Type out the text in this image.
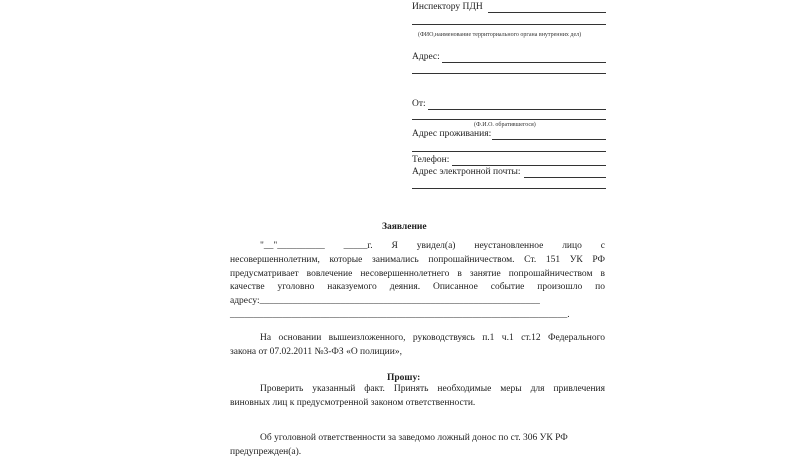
Инспектору ПДН
(ФИО,наименование территориального органа внутренних дел)
Адрес:
От:
(Ф.И.О. обратившегося)
Адрес проживания:
Телефон:
Адрес электронной почты:
Заявление
"__"__________ _____г. Я увидел(а) неустановленное лицо с
несовершеннолетним, которые занимались попрошайничеством. Ст. 151 УК РФ
предусматривает вовлечение несовершеннолетнего в занятие попрошайничеством в
качестве уголовно наказуемого деяния. Описанное событие произошло по
адресу:___________________________________________________________
_______________________________________________________________________.
На основании вышеизложенного, руководствуясь п.1 ч.1 ст.12 Федерального
закона от 07.02.2011 №3-ФЗ «О полиции»,
Прошу:
Проверить указанный факт. Принять необходимые меры для привлечения
виновных лиц к предусмотренной законом ответственности.
Об уголовной ответственности за заведомо ложный донос по ст. 306 УК РФ
предупрежден(а).
